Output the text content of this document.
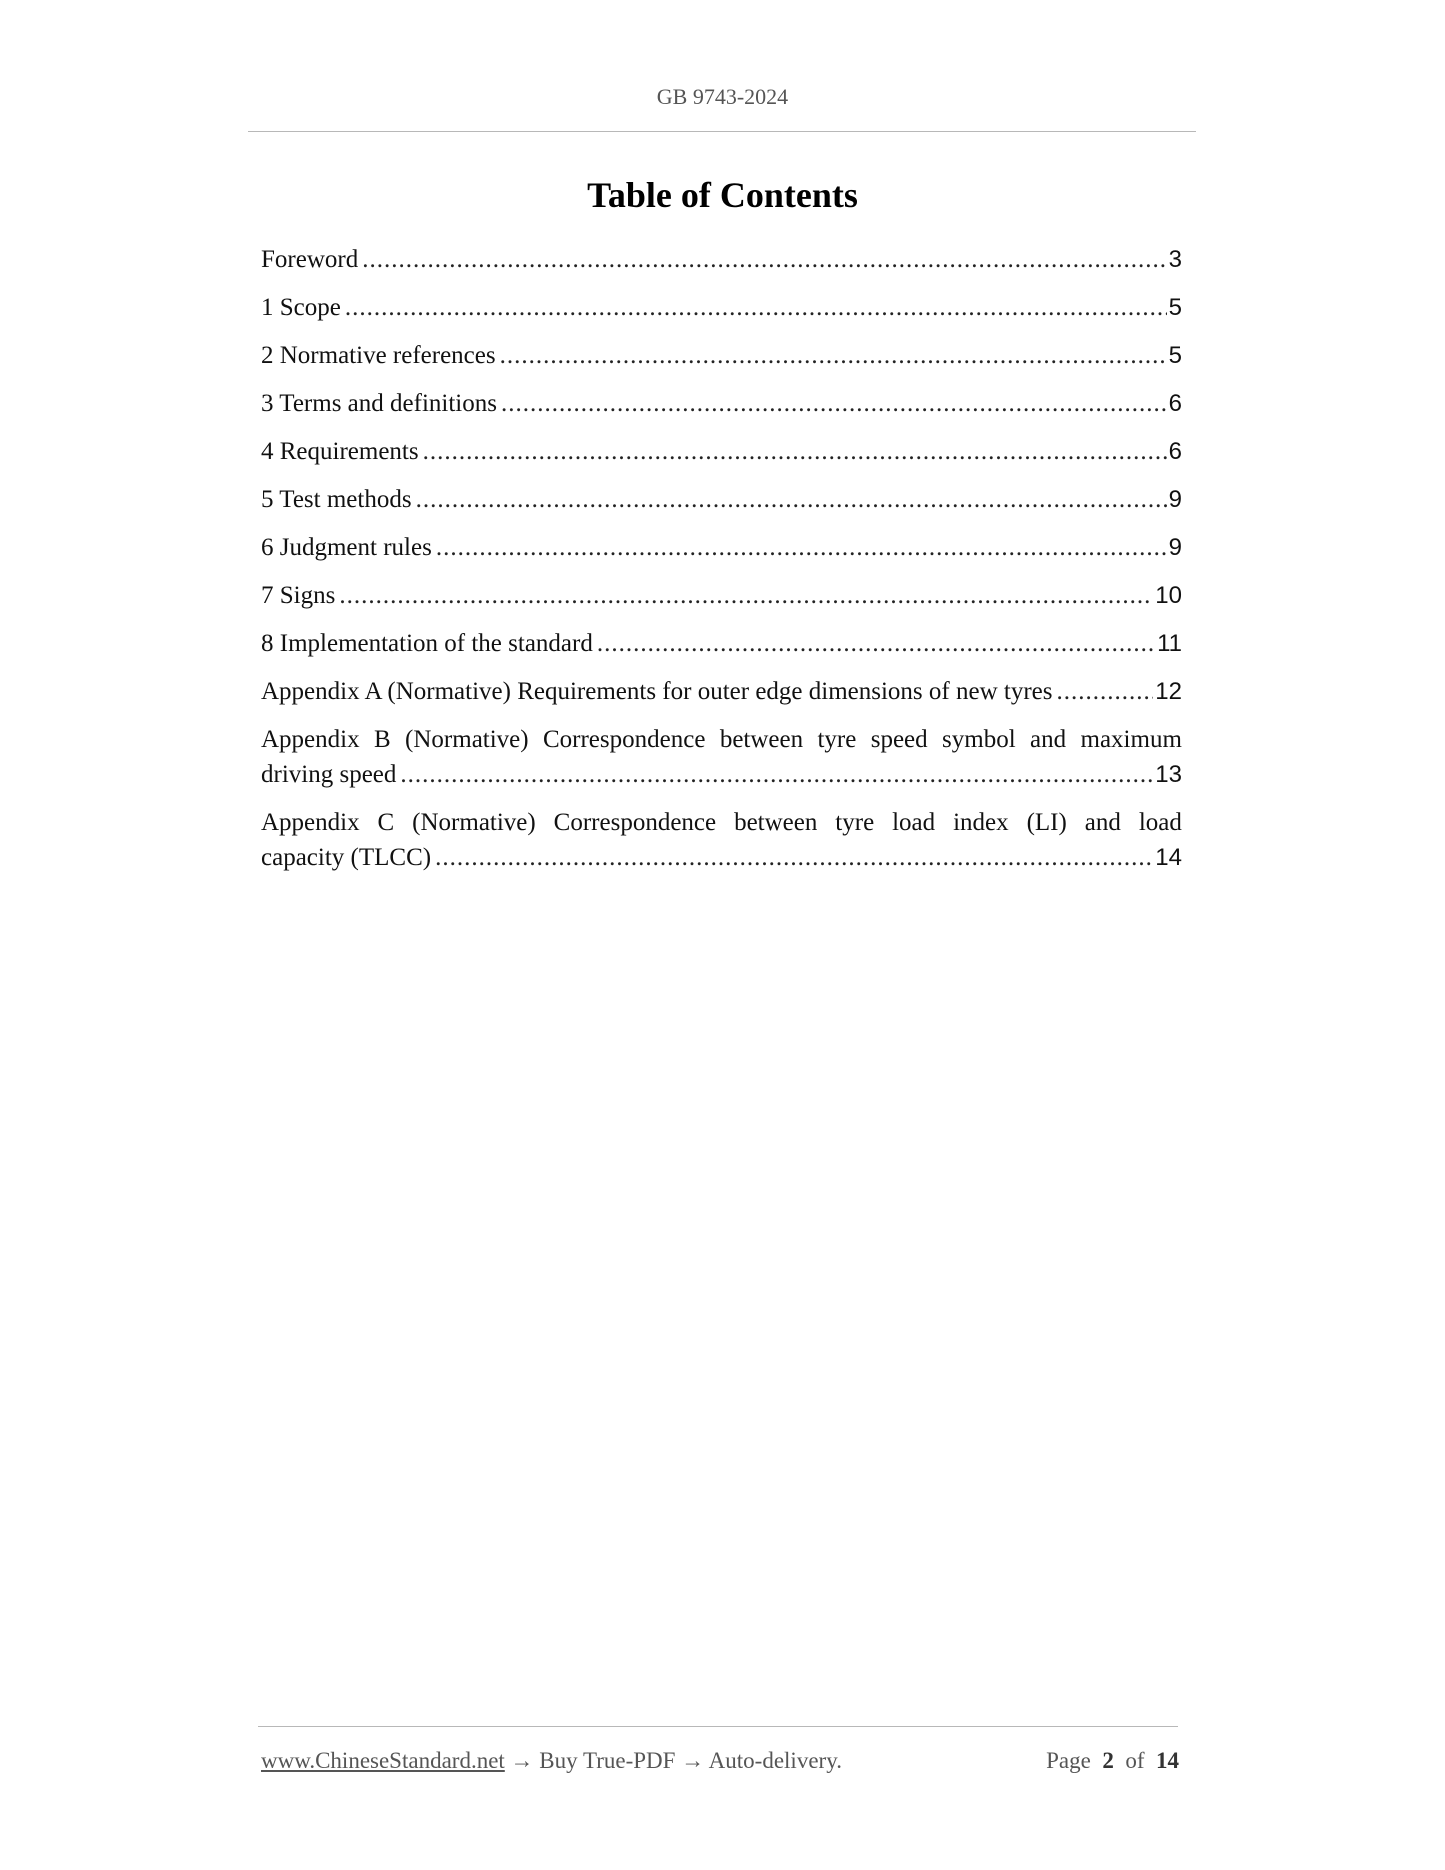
GB 9743-2024
Table of Contents
Foreword .....	3
1 Scope .....	5
2 Normative references .....	5
3 Terms and definitions .....	6
4 Requirements .....	6
5 Test methods .....	9
6 Judgment rules .....	9
7 Signs .....	10
8 Implementation of the standard .....	11
Appendix A (Normative) Requirements for outer edge dimensions of new tyres .....	12
Appendix B (Normative) Correspondence between tyre speed symbol and maximum
driving speed .....	13
Appendix C (Normative) Correspondence between tyre load index (LI) and load
capacity (TLCC) .....	14
www.ChineseStandard.net → Buy True-PDF → Auto-delivery.	Page 2 of 14
